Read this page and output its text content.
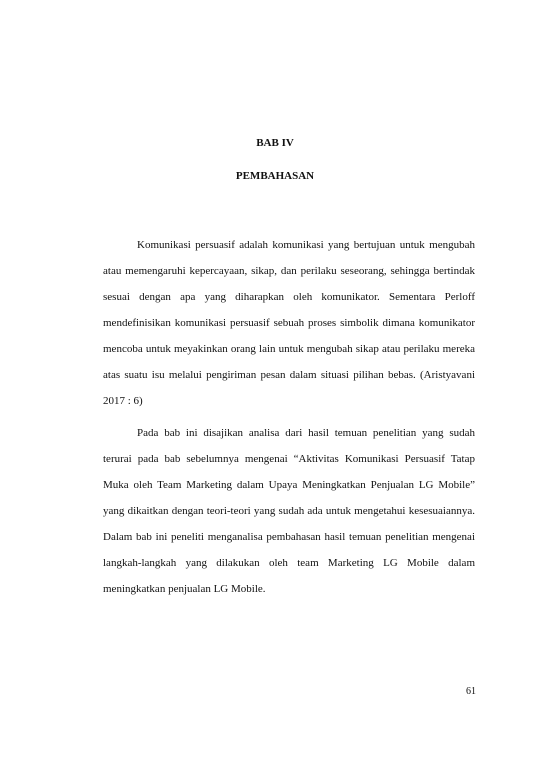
BAB IV
PEMBAHASAN

Komunikasi persuasif adalah komunikasi yang bertujuan untuk mengubah atau memengaruhi kepercayaan, sikap, dan perilaku seseorang, sehingga bertindak sesuai dengan apa yang diharapkan oleh komunikator. Sementara Perloff mendefinisikan komunikasi persuasif sebuah proses simbolik dimana komunikator mencoba untuk meyakinkan orang lain untuk mengubah sikap atau perilaku mereka atas suatu isu melalui pengiriman pesan dalam situasi pilihan bebas. (Aristyavani 2017 : 6)

Pada bab ini disajikan analisa dari hasil temuan penelitian yang sudah terurai pada bab sebelumnya mengenai “Aktivitas Komunikasi Persuasif Tatap Muka oleh Team Marketing dalam Upaya Meningkatkan Penjualan LG Mobile” yang dikaitkan dengan teori-teori yang sudah ada untuk mengetahui kesesuaiannya. Dalam bab ini peneliti menganalisa pembahasan hasil temuan penelitian mengenai langkah-langkah yang dilakukan oleh team Marketing LG Mobile dalam meningkatkan penjualan LG Mobile.

61
